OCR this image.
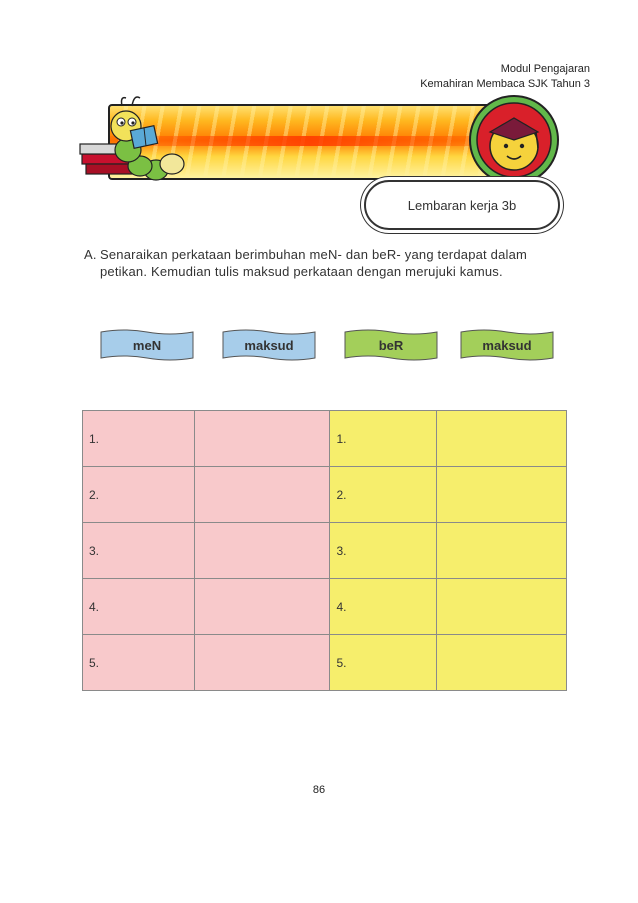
Modul Pengajaran
Kemahiran Membaca SJK Tahun 3
Lembaran kerja 3b
A. Senaraikan perkataan berimbuhan meN- dan beR- yang terdapat dalam petikan. Kemudian tulis maksud perkataan dengan merujuki kamus.
meN	maksud	beR	maksud
1.		1.	
2.		2.	
3.		3.	
4.		4.	
5.		5.	
86
